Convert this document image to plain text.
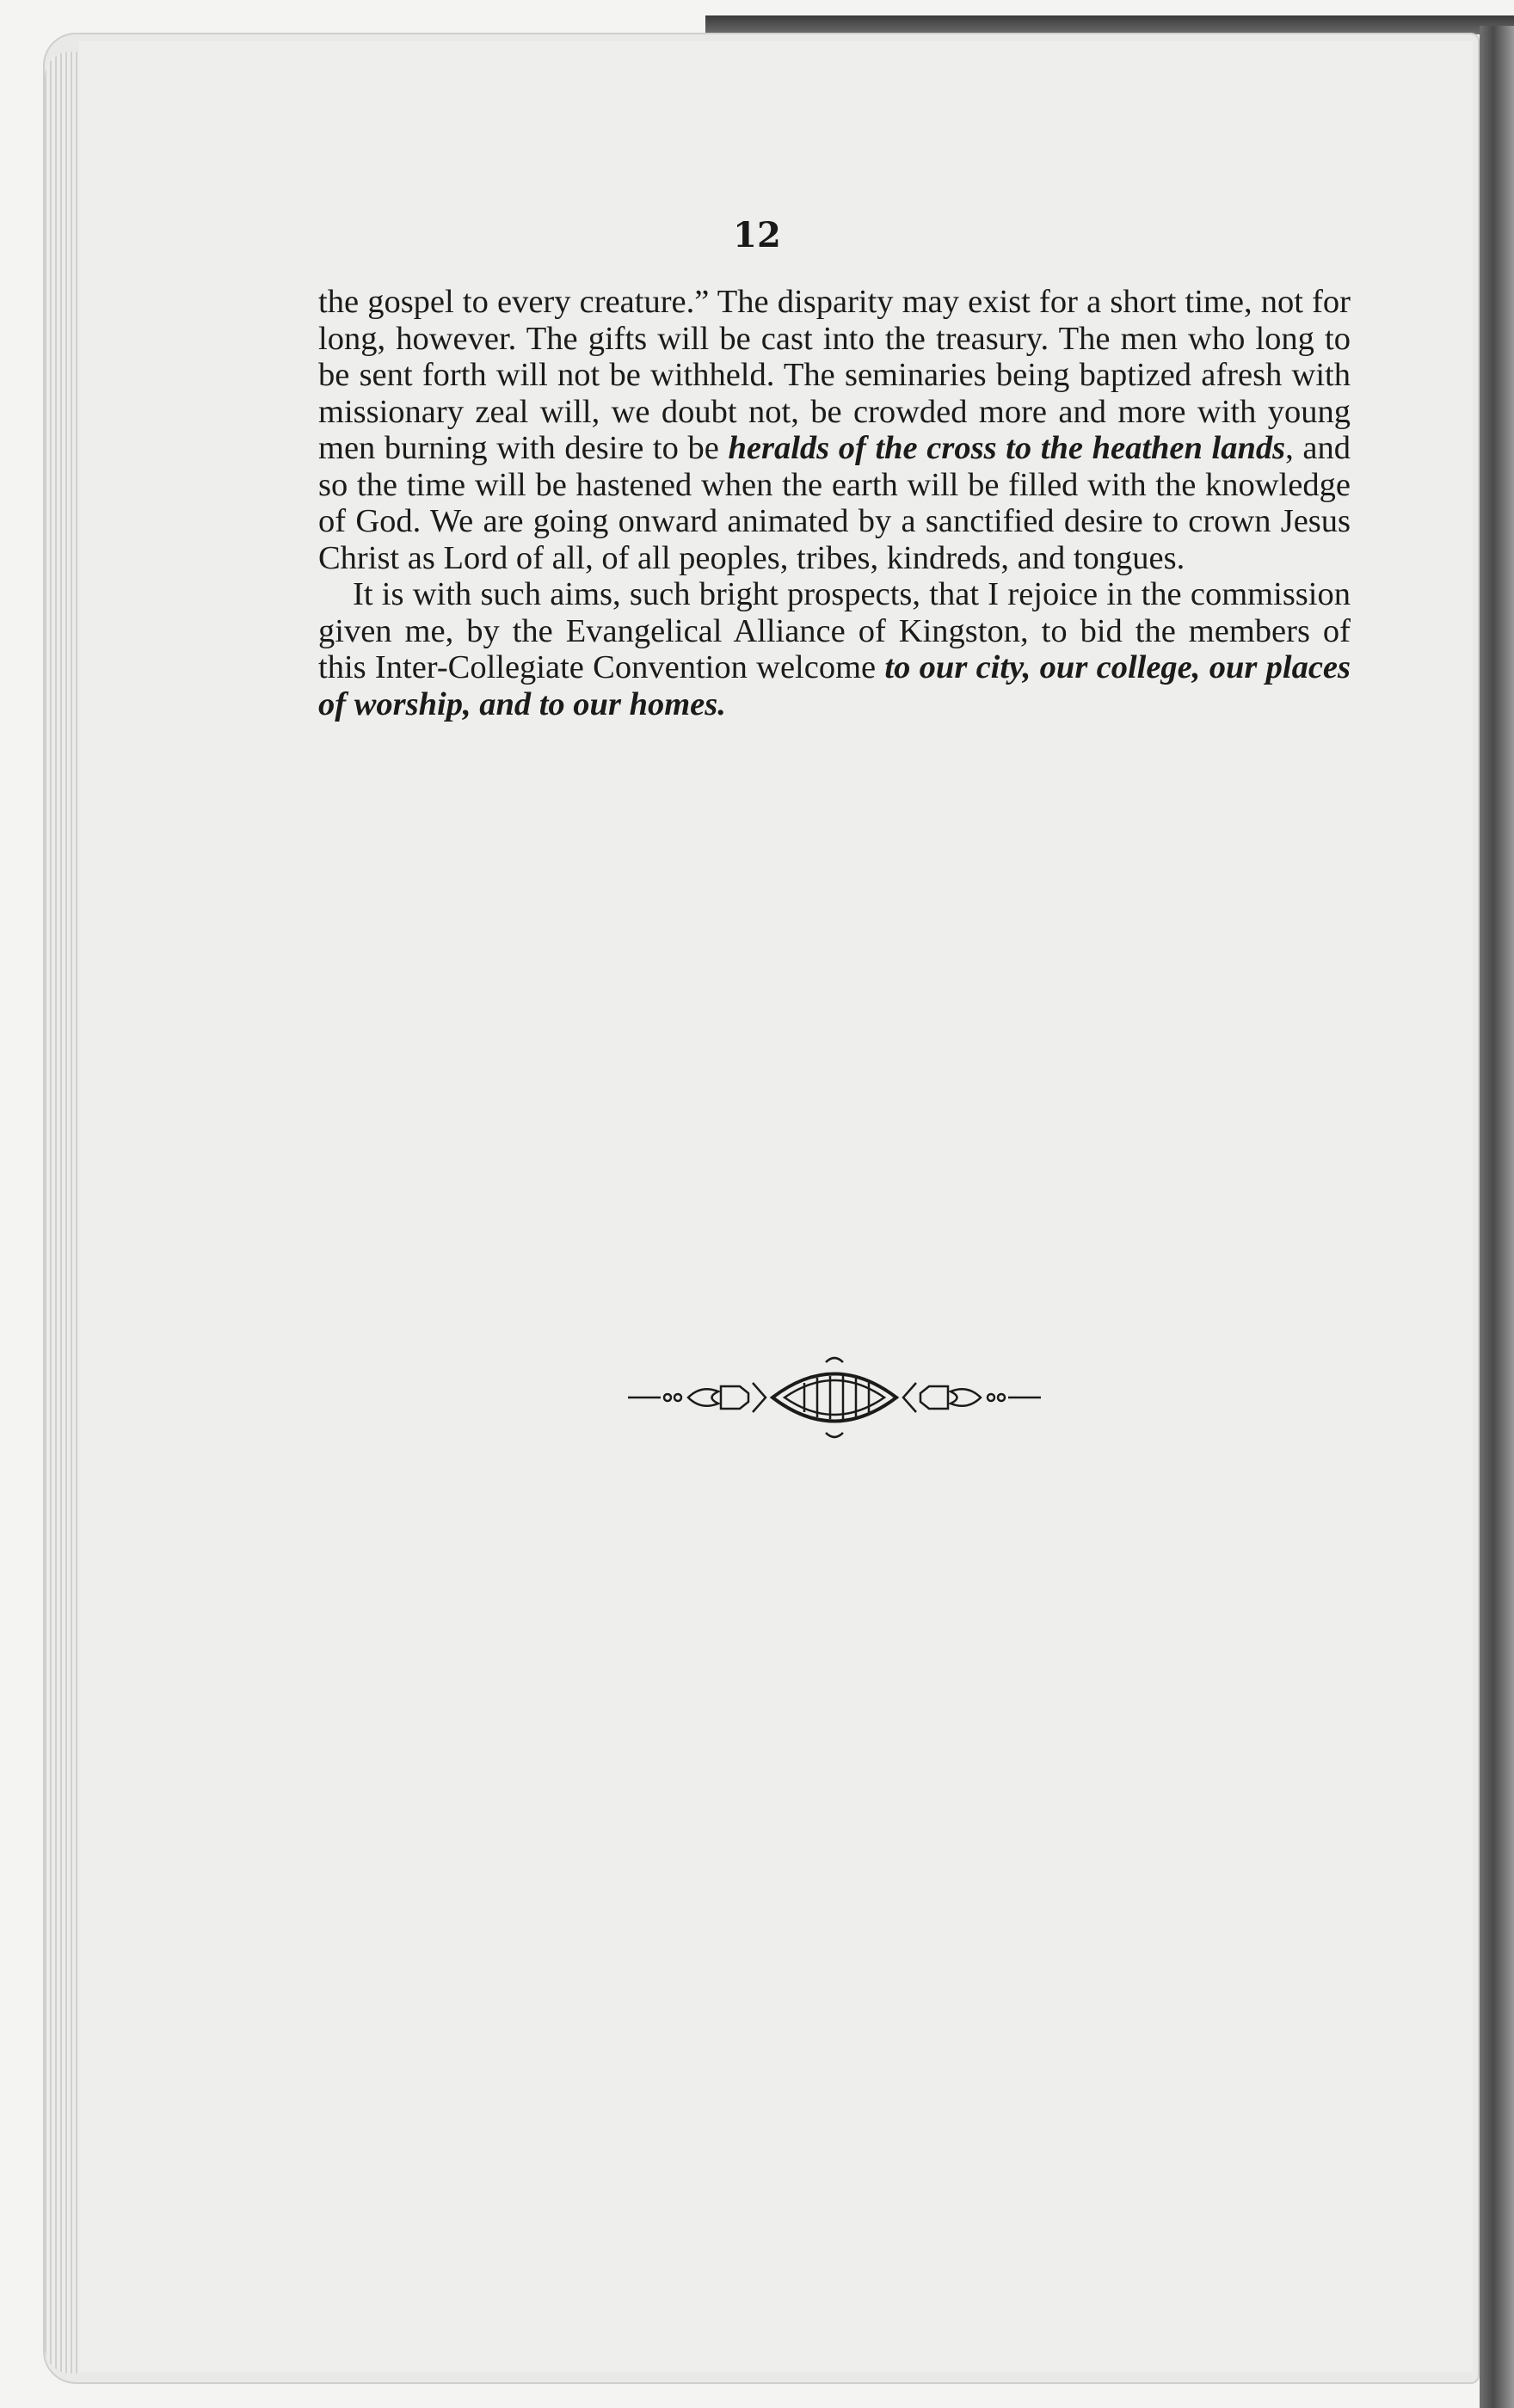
12

the gospel to every creature.” The disparity may exist for a short time, not for long, however. The gifts will be cast into the treasury. The men who long to be sent forth will not be withheld. The seminaries being baptized afresh with missionary zeal will, we doubt not, be crowded more and more with young men burning with desire to be heralds of the cross to the heathen lands, and so the time will be hastened when the earth will be filled with the knowledge of God. We are going onward animated by a sanctified desire to crown Jesus Christ as Lord of all, of all peoples, tribes, kindreds, and tongues.

It is with such aims, such bright prospects, that I rejoice in the commission given me, by the Evangelical Alliance of Kingston, to bid the members of this Inter-Collegiate Convention welcome to our city, our college, our places of worship, and to our homes.
